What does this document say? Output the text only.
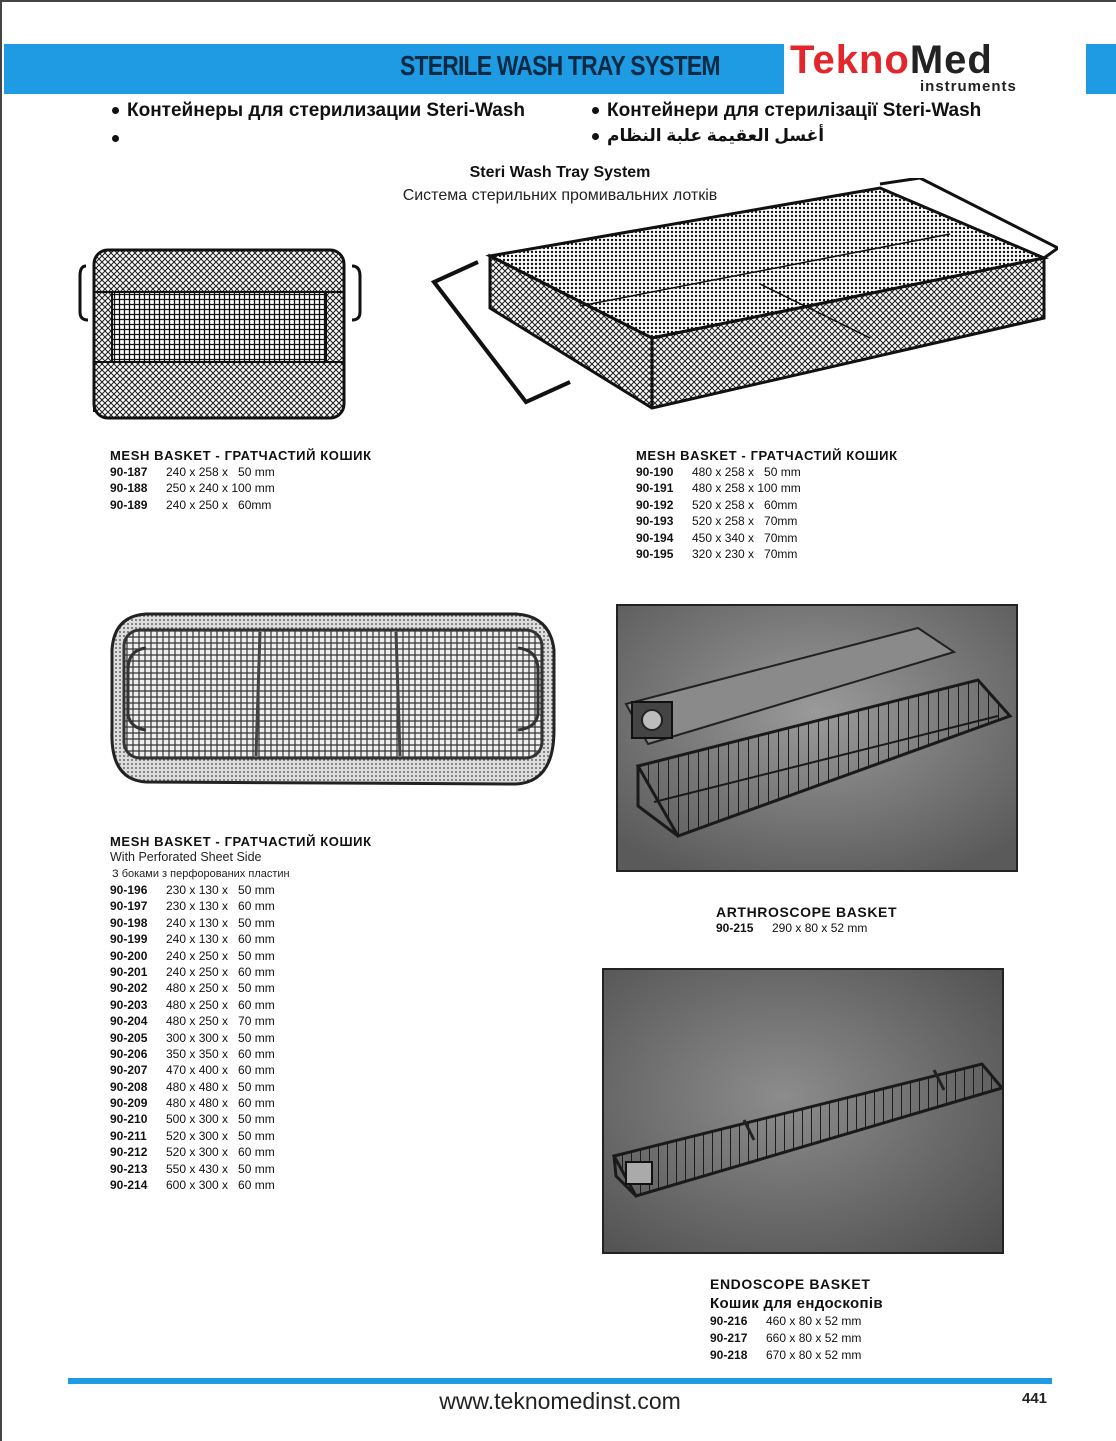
STERILE WASH TRAY SYSTEM TeknoMed
instruments
Контейнеры для стерилизации Steri-Wash	Контейнери для стерилізації Steri-Wash
أغسل العقيمة علبة النظام
Steri Wash Tray System
Система стерильних промивальних лотків
MESH BASKET - ГРАТЧАСТИЙ КОШИК
90-187 240 x 258 x   50 mm
90-188 250 x 240 x 100 mm
90-189 240 x 250 x   60mm
MESH BASKET - ГРАТЧАСТИЙ КОШИК
90-190 480 x 258 x   50 mm
90-191 480 x 258 x 100 mm
90-192 520 x 258 x   60mm
90-193 520 x 258 x   70mm
90-194 450 x 340 x   70mm
90-195 320 x 230 x   70mm
MESH BASKET - ГРАТЧАСТИЙ КОШИК
With Perforated Sheet Side
З боками з перфорованих пластин
90-196 230 x 130 x   50 mm
90-197 230 x 130 x   60 mm
90-198 240 x 130 x   50 mm
90-199 240 x 130 x   60 mm
90-200 240 x 250 x   50 mm
90-201 240 x 250 x   60 mm
90-202 480 x 250 x   50 mm
90-203 480 x 250 x   60 mm
90-204 480 x 250 x   70 mm
90-205 300 x 300 x   50 mm
90-206 350 x 350 x   60 mm
90-207 470 x 400 x   60 mm
90-208 480 x 480 x   50 mm
90-209 480 x 480 x   60 mm
90-210 500 x 300 x   50 mm
90-211 520 x 300 x   50 mm
90-212 520 x 300 x   60 mm
90-213 550 x 430 x   50 mm
90-214 600 x 300 x   60 mm
ARTHROSCOPE BASKET
90-215 290 x 80 x 52 mm
ENDOSCOPE BASKET
Кошик для ендоскопів
90-216 460 x 80 x 52 mm
90-217 660 x 80 x 52 mm
90-218 670 x 80 x 52 mm
www.teknomedinst.com	441
